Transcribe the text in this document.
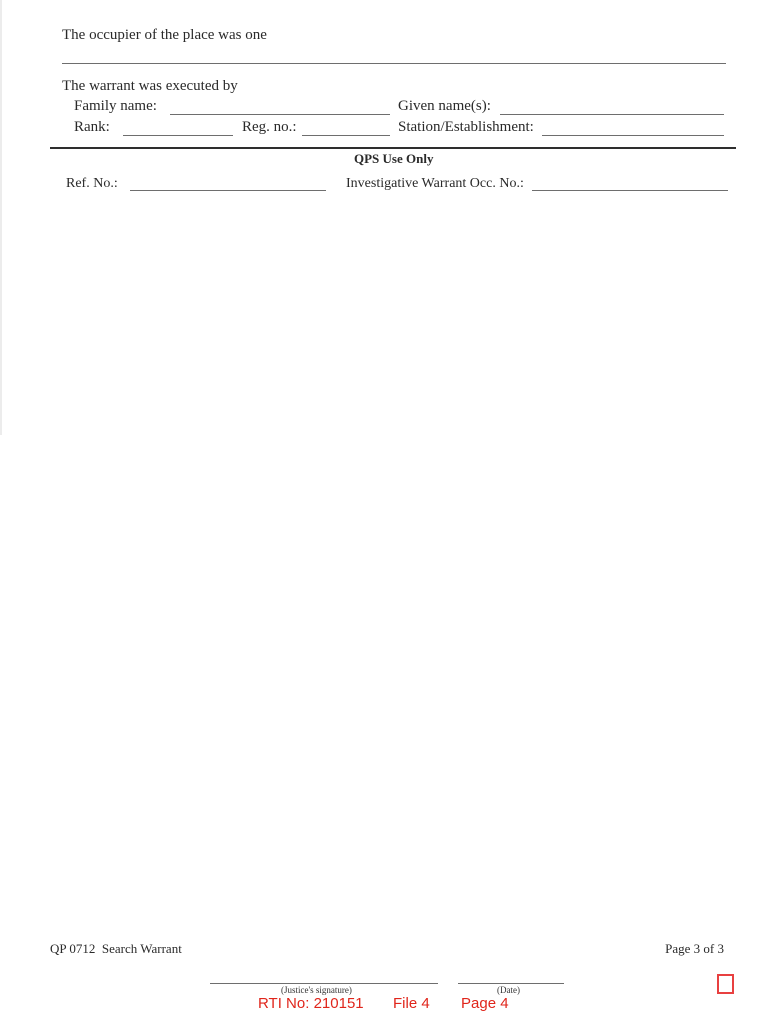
The occupier of the place was one
The warrant was executed by
Family name:	Given name(s):
Rank:	Reg. no.:	Station/Establishment:
QPS Use Only
Ref. No.:	Investigative Warrant Occ. No.:
QP 0712 Search Warrant	Page 3 of 3
(Justice's signature)	(Date)
RTI No: 210151 File 4 Page 4
